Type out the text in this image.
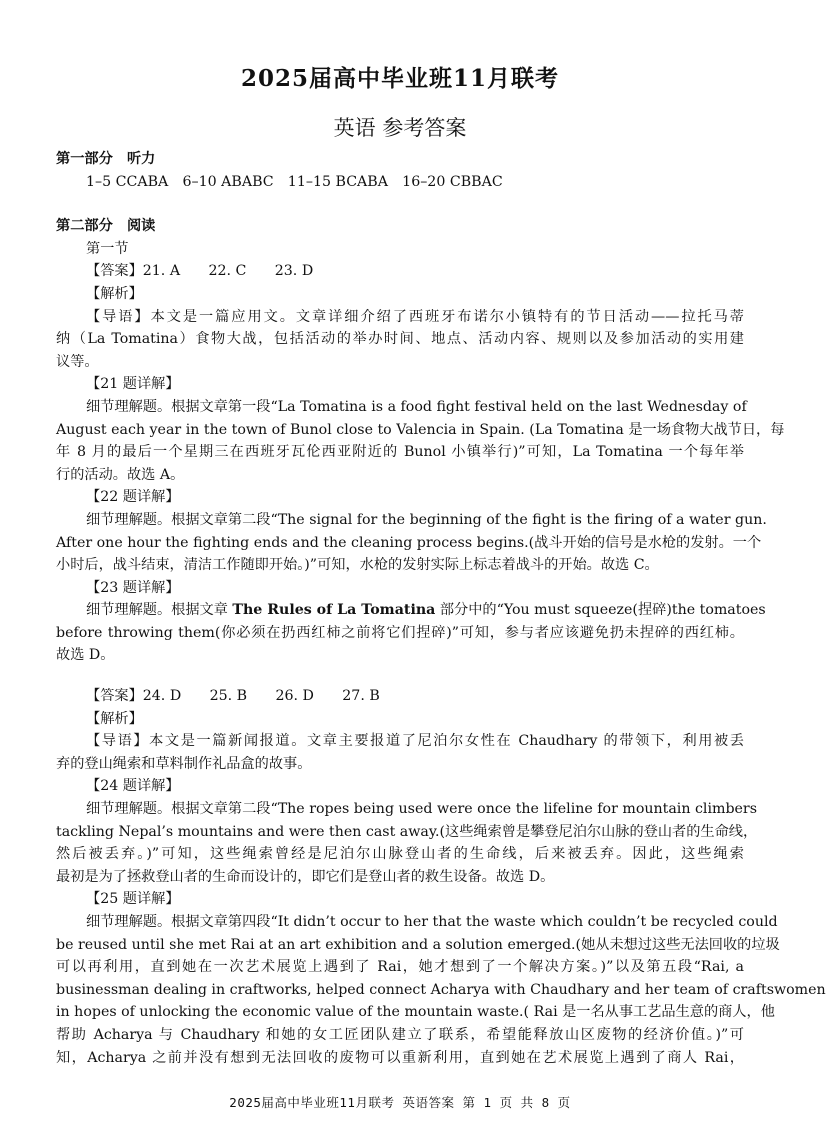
2025届高中毕业班11月联考
英语 参考答案
第一部分　听力
1–5 CCABA　6–10 ABABC　11–15 BCABA　16–20 CBBAC
第二部分　阅读
第一节
【答案】21. A　　22. C　　23. D
【解析】
【导语】本文是一篇应用文。文章详细介绍了西班牙布诺尔小镇特有的节日活动——拉托马蒂
纳（La Tomatina）食物大战，包括活动的举办时间、地点、活动内容、规则以及参加活动的实用建
议等。
【21 题详解】
细节理解题。根据文章第一段“La Tomatina is a food fight festival held on the last Wednesday of
August each year in the town of Bunol close to Valencia in Spain. (La Tomatina 是一场食物大战节日，每
年 8 月的最后一个星期三在西班牙瓦伦西亚附近的 Bunol 小镇举行)”可知，La Tomatina 一个每年举
行的活动。故选 A。
【22 题详解】
细节理解题。根据文章第二段“The signal for the beginning of the fight is the firing of a water gun.
After one hour the fighting ends and the cleaning process begins.(战斗开始的信号是水枪的发射。一个
小时后，战斗结束，清洁工作随即开始。)”可知，水枪的发射实际上标志着战斗的开始。故选 C。
【23 题详解】
细节理解题。根据文章 The Rules of La Tomatina 部分中的“You must squeeze(捏碎)the tomatoes
before throwing them(你必须在扔西红柿之前将它们捏碎)”可知，参与者应该避免扔未捏碎的西红柿。
故选 D。
【答案】24. D　　25. B　　26. D　　27. B
【解析】
【导语】本文是一篇新闻报道。文章主要报道了尼泊尔女性在 Chaudhary 的带领下，利用被丢
弃的登山绳索和草料制作礼品盒的故事。
【24 题详解】
细节理解题。根据文章第二段“The ropes being used were once the lifeline for mountain climbers
tackling Nepal’s mountains and were then cast away.(这些绳索曾是攀登尼泊尔山脉的登山者的生命线，
然后被丢弃。)”可知，这些绳索曾经是尼泊尔山脉登山者的生命线，后来被丢弃。因此，这些绳索
最初是为了拯救登山者的生命而设计的，即它们是登山者的救生设备。故选 D。
【25 题详解】
细节理解题。根据文章第四段“It didn’t occur to her that the waste which couldn’t be recycled could
be reused until she met Rai at an art exhibition and a solution emerged.(她从未想过这些无法回收的垃圾
可以再利用，直到她在一次艺术展览上遇到了 Rai，她才想到了一个解决方案。)”以及第五段“Rai, a
businessman dealing in craftworks, helped connect Acharya with Chaudhary and her team of craftswomen
in hopes of unlocking the economic value of the mountain waste.( Rai 是一名从事工艺品生意的商人，他
帮助 Acharya 与 Chaudhary 和她的女工匠团队建立了联系，希望能释放山区废物的经济价值。)”可
知，Acharya 之前并没有想到无法回收的废物可以重新利用，直到她在艺术展览上遇到了商人 Rai，
2025届高中毕业班11月联考 英语答案 第 1 页 共 8 页
